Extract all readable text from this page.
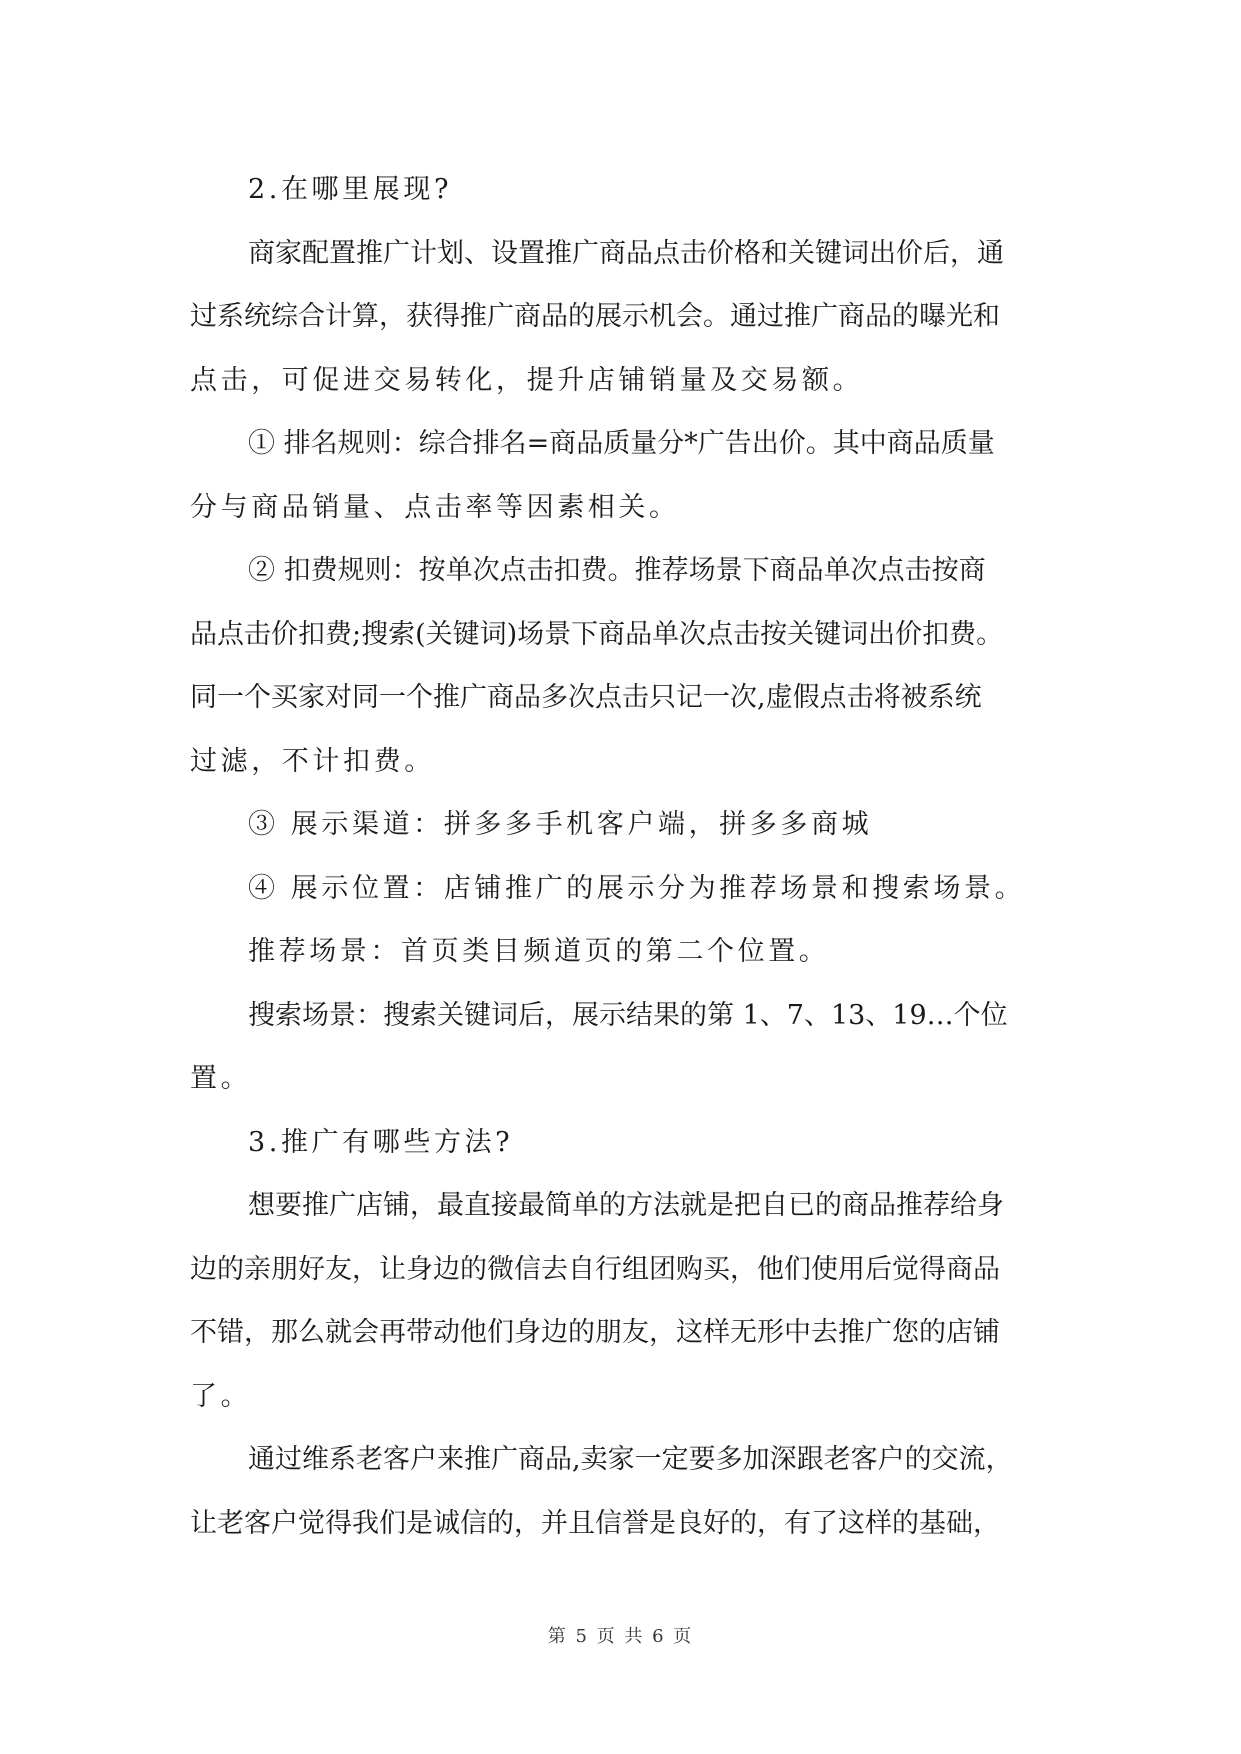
2.在哪里展现?
商家配置推广计划、设置推广商品点击价格和关键词出价后，通
过系统综合计算，获得推广商品的展示机会。通过推广商品的曝光和
点击，可促进交易转化，提升店铺销量及交易额。
① 排名规则：综合排名=商品质量分*广告出价。其中商品质量
分与商品销量、点击率等因素相关。
② 扣费规则：按单次点击扣费。推荐场景下商品单次点击按商
品点击价扣费;搜索(关键词)场景下商品单次点击按关键词出价扣费。
同一个买家对同一个推广商品多次点击只记一次,虚假点击将被系统
过滤，不计扣费。
③ 展示渠道：拼多多手机客户端，拼多多商城
④ 展示位置：店铺推广的展示分为推荐场景和搜索场景。
推荐场景：首页类目频道页的第二个位置。
搜索场景：搜索关键词后，展示结果的第 1、7、13、19…个位
置。
3.推广有哪些方法?
想要推广店铺，最直接最简单的方法就是把自已的商品推荐给身
边的亲朋好友，让身边的微信去自行组团购买，他们使用后觉得商品
不错，那么就会再带动他们身边的朋友，这样无形中去推广您的店铺
了。
通过维系老客户来推广商品,卖家一定要多加深跟老客户的交流，
让老客户觉得我们是诚信的，并且信誉是良好的，有了这样的基础，
第 5 页 共 6 页
